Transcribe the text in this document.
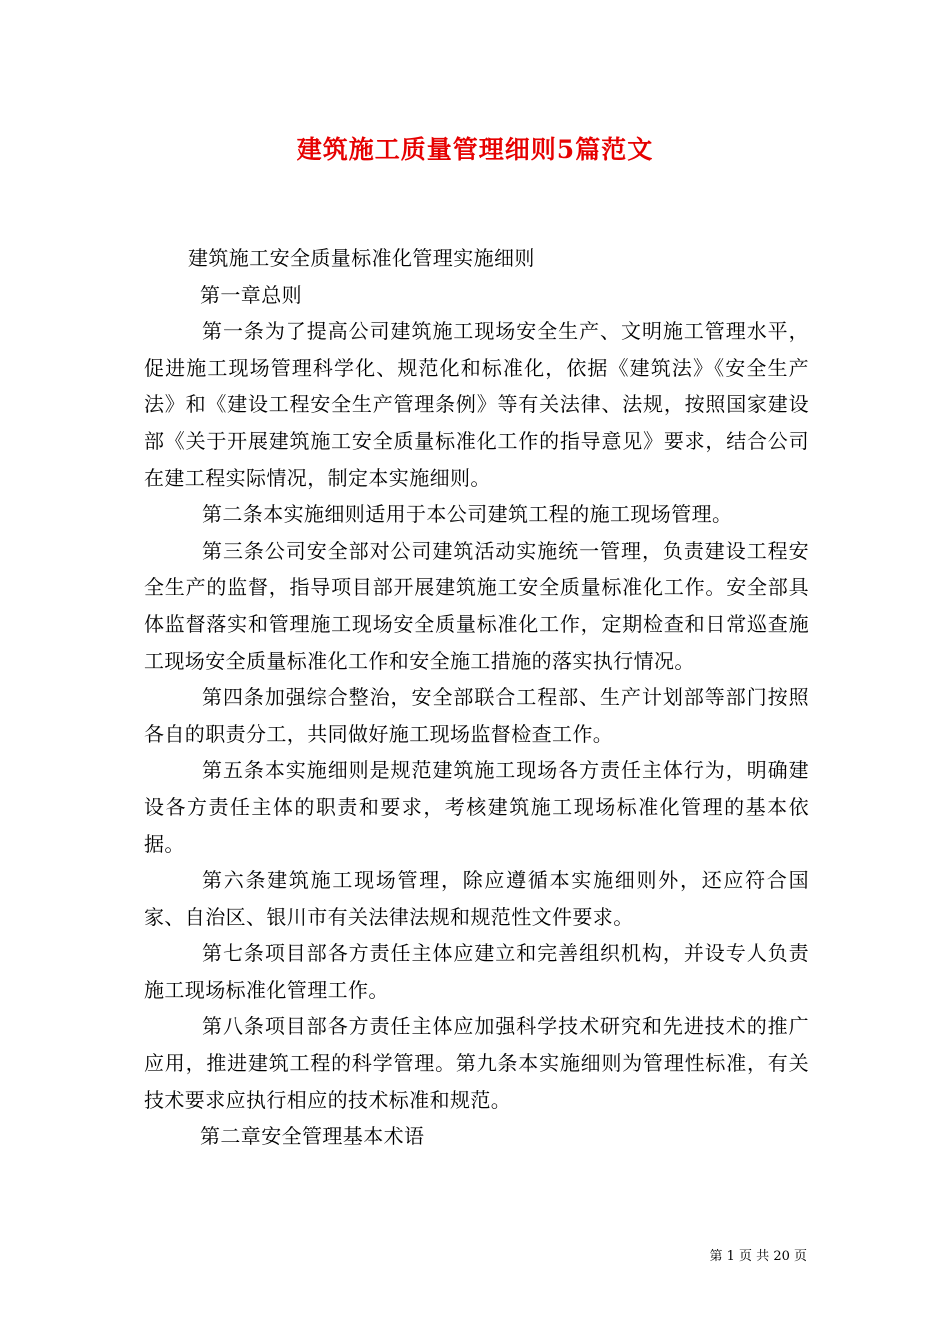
建筑施工质量管理细则5篇范文

建筑施工安全质量标准化管理实施细则

第一章总则

第一条为了提高公司建筑施工现场安全生产、文明施工管理水平，促进施工现场管理科学化、规范化和标准化，依据《建筑法》《安全生产法》和《建设工程安全生产管理条例》等有关法律、法规，按照国家建设部《关于开展建筑施工安全质量标准化工作的指导意见》要求，结合公司在建工程实际情况，制定本实施细则。

第二条本实施细则适用于本公司建筑工程的施工现场管理。

第三条公司安全部对公司建筑活动实施统一管理，负责建设工程安全生产的监督，指导项目部开展建筑施工安全质量标准化工作。安全部具体监督落实和管理施工现场安全质量标准化工作，定期检查和日常巡查施工现场安全质量标准化工作和安全施工措施的落实执行情况。

第四条加强综合整治，安全部联合工程部、生产计划部等部门按照各自的职责分工，共同做好施工现场监督检查工作。

第五条本实施细则是规范建筑施工现场各方责任主体行为，明确建设各方责任主体的职责和要求，考核建筑施工现场标准化管理的基本依据。

第六条建筑施工现场管理，除应遵循本实施细则外，还应符合国家、自治区、银川市有关法律法规和规范性文件要求。

第七条项目部各方责任主体应建立和完善组织机构，并设专人负责施工现场标准化管理工作。

第八条项目部各方责任主体应加强科学技术研究和先进技术的推广应用，推进建筑工程的科学管理。第九条本实施细则为管理性标准，有关技术要求应执行相应的技术标准和规范。

第二章安全管理基本术语

第 1 页 共 20 页
